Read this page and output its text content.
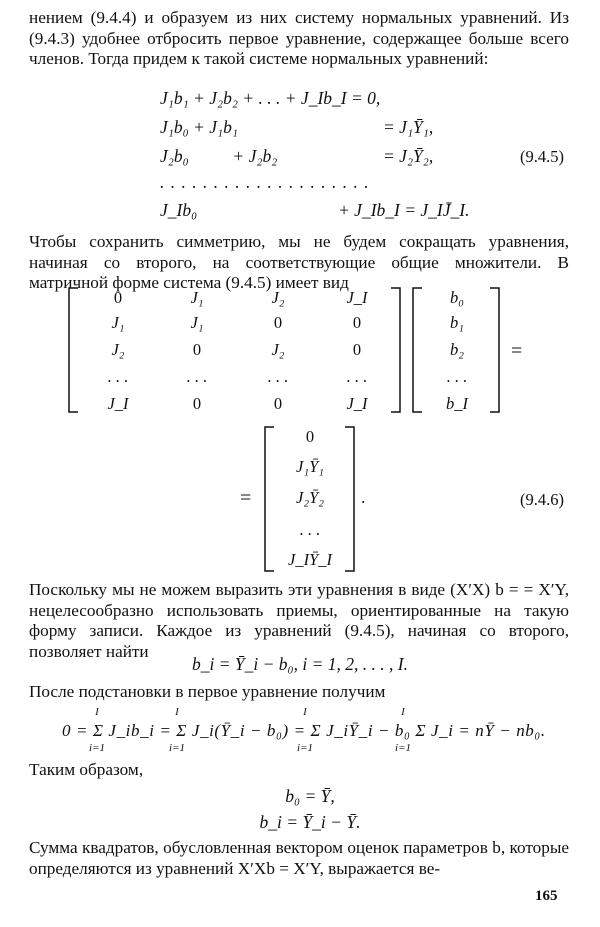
нением (9.4.4) и образуем из них систему нормальных уравнений. Из (9.4.3) удобнее отбросить первое уравнение, содержащее больше всего членов. Тогда придем к такой системе нормальных уравнений:

J₁b₁ + J₂b₂ + . . . + J_Ib_I = 0,
J₁b₀ + J₁b₁	= J₁Ȳ₁,
J₂b₀          + J₂b₂	= J₂Ȳ₂,
. . . . . . . . . . . . . . . . . . . .
J_Ib₀	+ J_Ib_I = J_IJ̄_I.
(9.4.5)

Чтобы сохранить симметрию, мы не будем сокращать уравнения, начиная со второго, на соответствующие общие множители. В матричной форме система (9.4.5) имеет вид

0	J₁	J₂	J_I
J₁	J₁	0	0
J₂	0	J₂	0
. . .	. . .	. . .	. . .
J_I	0	0	J_I
b₀
b₁
b₂
. . .
b_I
=
=
0
J₁Ȳ₁
J₂Ȳ₂
. . .
J_IȲ_I
.	(9.4.6)

Поскольку мы не можем выразить эти уравнения в виде (X′X) b = = X′Y, нецелесообразно использовать приемы, ориентированные на такую форму записи. Каждое из уравнений (9.4.5), начиная со второго, позволяет найти

b_i = Ȳ_i − b₀, i = 1, 2, . . . , I.

После подстановки в первое уравнение получим

0 = Σ J_ib_i = Σ J_i(Ȳ_i − b₀) = Σ J_iȲ_i − b₀ Σ J_i = nȲ − nb₀.
I
i=1
I
i=1
I
i=1
I
i=1

Таким образом,

b₀ = Ȳ,
b_i = Ȳ_i − Ȳ.

Сумма квадратов, обусловленная вектором оценок параметров b, которые определяются из уравнений X′Xb = X′Y, выражается ве-

165
